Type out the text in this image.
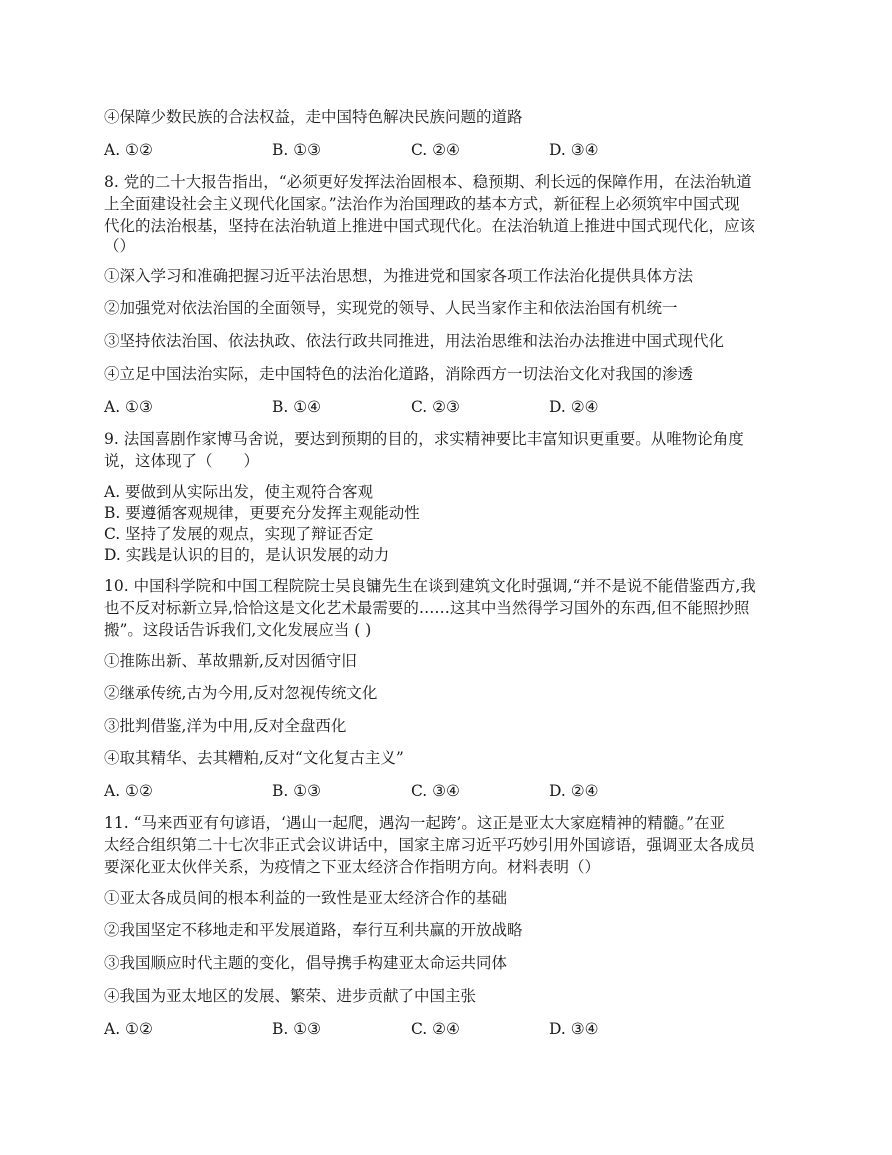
④保障少数民族的合法权益，走中国特色解决民族问题的道路
A. ①②	B. ①③	C. ②④	D. ③④
8. 党的二十大报告指出，“必须更好发挥法治固根本、稳预期、利长远的保障作用，在法治轨道
上全面建设社会主义现代化国家。”法治作为治国理政的基本方式，新征程上必须筑牢中国式现
代化的法治根基，坚持在法治轨道上推进中国式现代化。在法治轨道上推进中国式现代化，应该
（）
①深入学习和准确把握习近平法治思想，为推进党和国家各项工作法治化提供具体方法
②加强党对依法治国的全面领导，实现党的领导、人民当家作主和依法治国有机统一
③坚持依法治国、依法执政、依法行政共同推进，用法治思维和法治办法推进中国式现代化
④立足中国法治实际，走中国特色的法治化道路，消除西方一切法治文化对我国的渗透
A. ①③	B. ①④	C. ②③	D. ②④
9. 法国喜剧作家博马舍说，要达到预期的目的，求实精神要比丰富知识更重要。从唯物论角度
说，这体现了（　　）
A. 要做到从实际出发，使主观符合客观
B. 要遵循客观规律，更要充分发挥主观能动性
C. 坚持了发展的观点，实现了辩证否定
D. 实践是认识的目的，是认识发展的动力
10. 中国科学院和中国工程院院士吴良镛先生在谈到建筑文化时强调,“并不是说不能借鉴西方,我
也不反对标新立异,恰恰这是文化艺术最需要的……这其中当然得学习国外的东西,但不能照抄照
搬”。这段话告诉我们,文化发展应当 ( )
①推陈出新、革故鼎新,反对因循守旧
②继承传统,古为今用,反对忽视传统文化
③批判借鉴,洋为中用,反对全盘西化
④取其精华、去其糟粕,反对“文化复古主义”
A. ①②	B. ①③	C. ③④	D. ②④
11. “马来西亚有句谚语，‘遇山一起爬，遇沟一起跨’。这正是亚太大家庭精神的精髓。”在亚
太经合组织第二十七次非正式会议讲话中，国家主席习近平巧妙引用外国谚语，强调亚太各成员
要深化亚太伙伴关系，为疫情之下亚太经济合作指明方向。材料表明（）
①亚太各成员间的根本利益的一致性是亚太经济合作的基础
②我国坚定不移地走和平发展道路，奉行互利共赢的开放战略
③我国顺应时代主题的变化，倡导携手构建亚太命运共同体
④我国为亚太地区的发展、繁荣、进步贡献了中国主张
A. ①②	B. ①③	C. ②④	D. ③④
